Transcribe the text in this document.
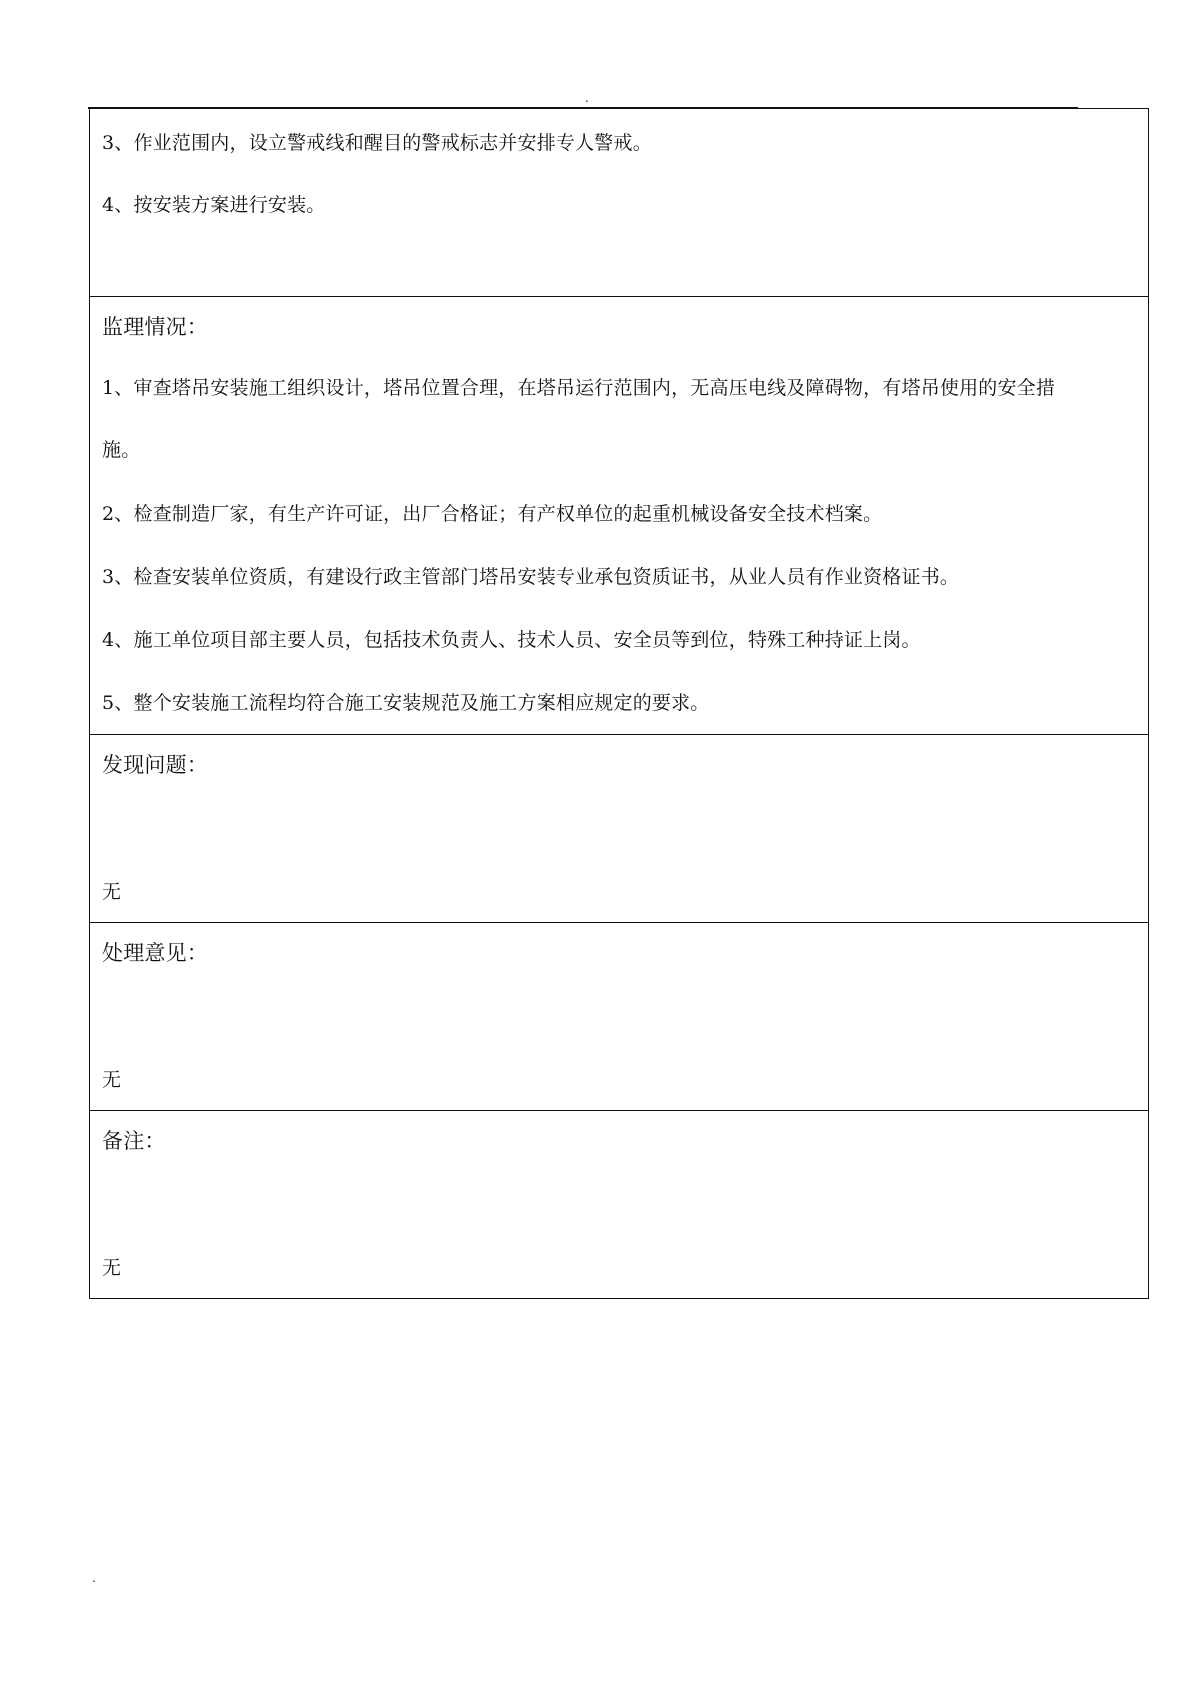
.
3、作业范围内，设立警戒线和醒目的警戒标志并安排专人警戒。
4、按安装方案进行安装。
监理情况：
1、审查塔吊安装施工组织设计，塔吊位置合理，在塔吊运行范围内，无高压电线及障碍物，有塔吊使用的安全措
施。
2、检查制造厂家，有生产许可证，出厂合格证；有产权单位的起重机械设备安全技术档案。
3、检查安装单位资质，有建设行政主管部门塔吊安装专业承包资质证书，从业人员有作业资格证书。
4、施工单位项目部主要人员，包括技术负责人、技术人员、安全员等到位，特殊工种持证上岗。
5、整个安装施工流程均符合施工安装规范及施工方案相应规定的要求。
发现问题：
无
处理意见：
无
备注：
无
.
